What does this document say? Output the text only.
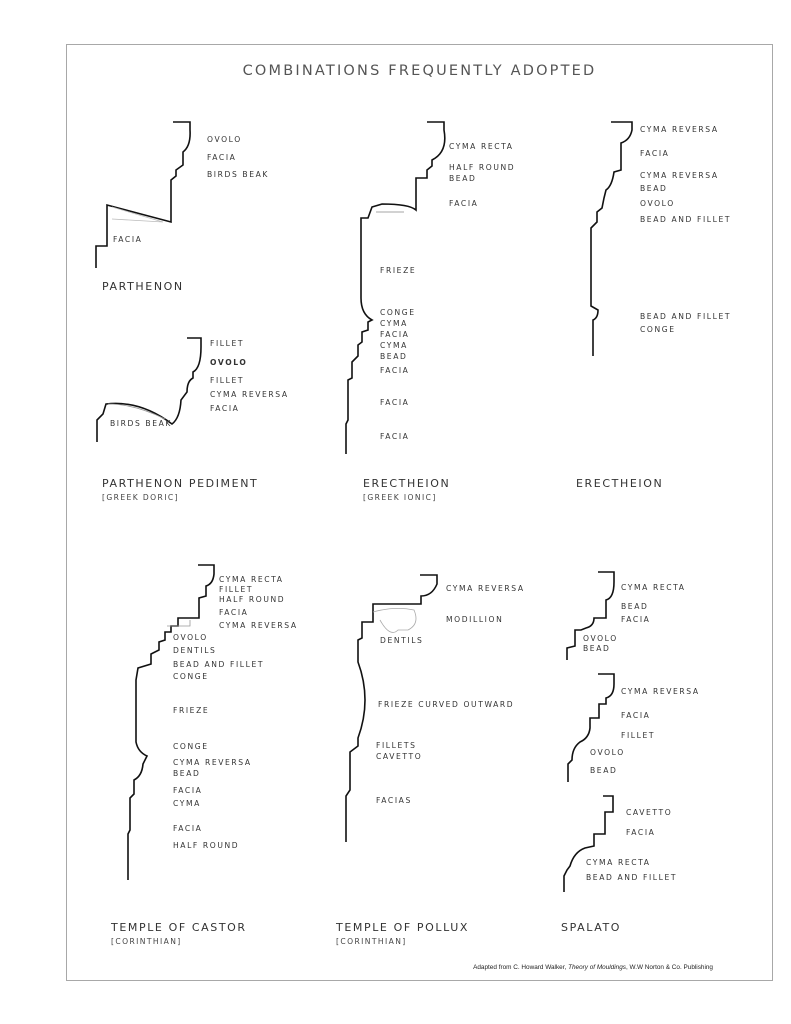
COMBINATIONS FREQUENTLY ADOPTED
OVOLO
FACIA
BIRDS BEAK
FACIA
PARTHENON
FILLET
OVOLO
FILLET
CYMA REVERSA
FACIA
BIRDS BEAK
PARTHENON PEDIMENT
[GREEK DORIC]
CYMA RECTA
HALF ROUND
BEAD
FACIA
FRIEZE
CONGE
CYMA
FACIA
CYMA
BEAD
FACIA
FACIA
FACIA
ERECTHEION
[GREEK IONIC]
CYMA REVERSA
FACIA
CYMA REVERSA
BEAD
OVOLO
BEAD AND FILLET
BEAD AND FILLET
CONGE
ERECTHEION
CYMA RECTA
FILLET
HALF ROUND
FACIA
CYMA REVERSA
OVOLO
DENTILS
BEAD AND FILLET
CONGE
FRIEZE
CONGE
CYMA REVERSA
BEAD
FACIA
CYMA
FACIA
HALF ROUND
TEMPLE OF CASTOR
[CORINTHIAN]
CYMA REVERSA
MODILLION
DENTILS
FRIEZE CURVED OUTWARD
FILLETS
CAVETTO
FACIAS
TEMPLE OF POLLUX
[CORINTHIAN]
CYMA RECTA
BEAD
FACIA
OVOLO
BEAD
CYMA REVERSA
FACIA
FILLET
OVOLO
BEAD
CAVETTO
FACIA
CYMA RECTA
BEAD AND FILLET
SPALATO
Adapted from C. Howard Walker, Theory of Mouldings, W.W Norton & Co. Publishing
